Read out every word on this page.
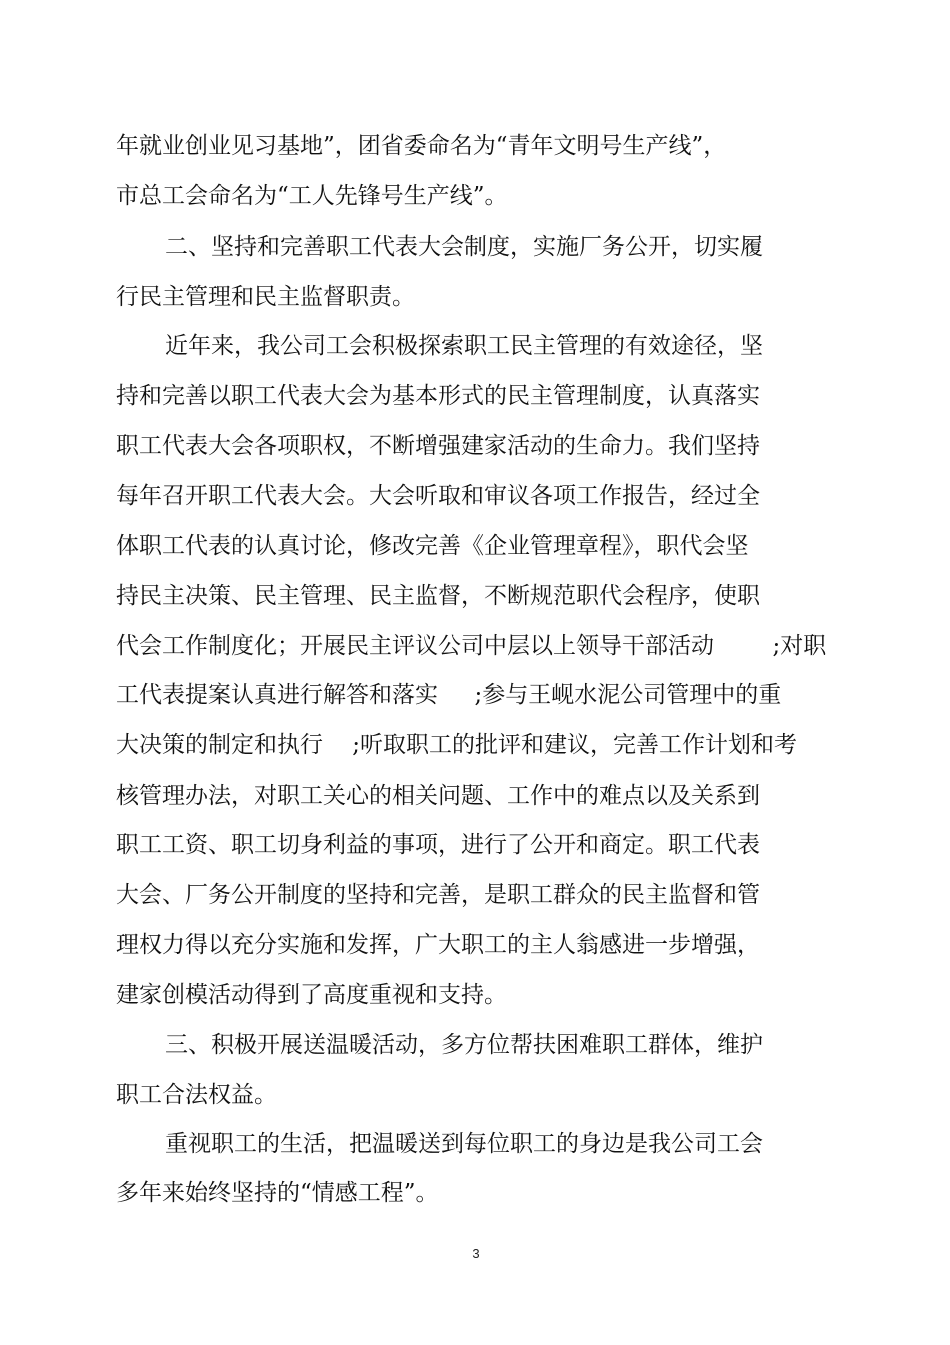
年就业创业见习基地”，团省委命名为“青年文明号生产线”，

市总工会命名为“工人先锋号生产线”。

二、坚持和完善职工代表大会制度，实施厂务公开，切实履

行民主管理和民主监督职责。

近年来，我公司工会积极探索职工民主管理的有效途径，坚

持和完善以职工代表大会为基本形式的民主管理制度，认真落实

职工代表大会各项职权，不断增强建家活动的生命力。我们坚持

每年召开职工代表大会。大会听取和审议各项工作报告，经过全

体职工代表的认真讨论，修改完善《企业管理章程》，职代会坚

持民主决策、民主管理、民主监督，不断规范职代会程序，使职

代会工作制度化；开展民主评议公司中层以上领导干部活动        ;对职

工代表提案认真进行解答和落实     ;参与王岘水泥公司管理中的重

大决策的制定和执行    ;听取职工的批评和建议，完善工作计划和考

核管理办法，对职工关心的相关问题、工作中的难点以及关系到

职工工资、职工切身利益的事项，进行了公开和商定。职工代表

大会、厂务公开制度的坚持和完善，是职工群众的民主监督和管

理权力得以充分实施和发挥，广大职工的主人翁感进一步增强，

建家创模活动得到了高度重视和支持。

三、积极开展送温暖活动，多方位帮扶困难职工群体，维护

职工合法权益。

重视职工的生活，把温暖送到每位职工的身边是我公司工会

多年来始终坚持的“情感工程”。

3
